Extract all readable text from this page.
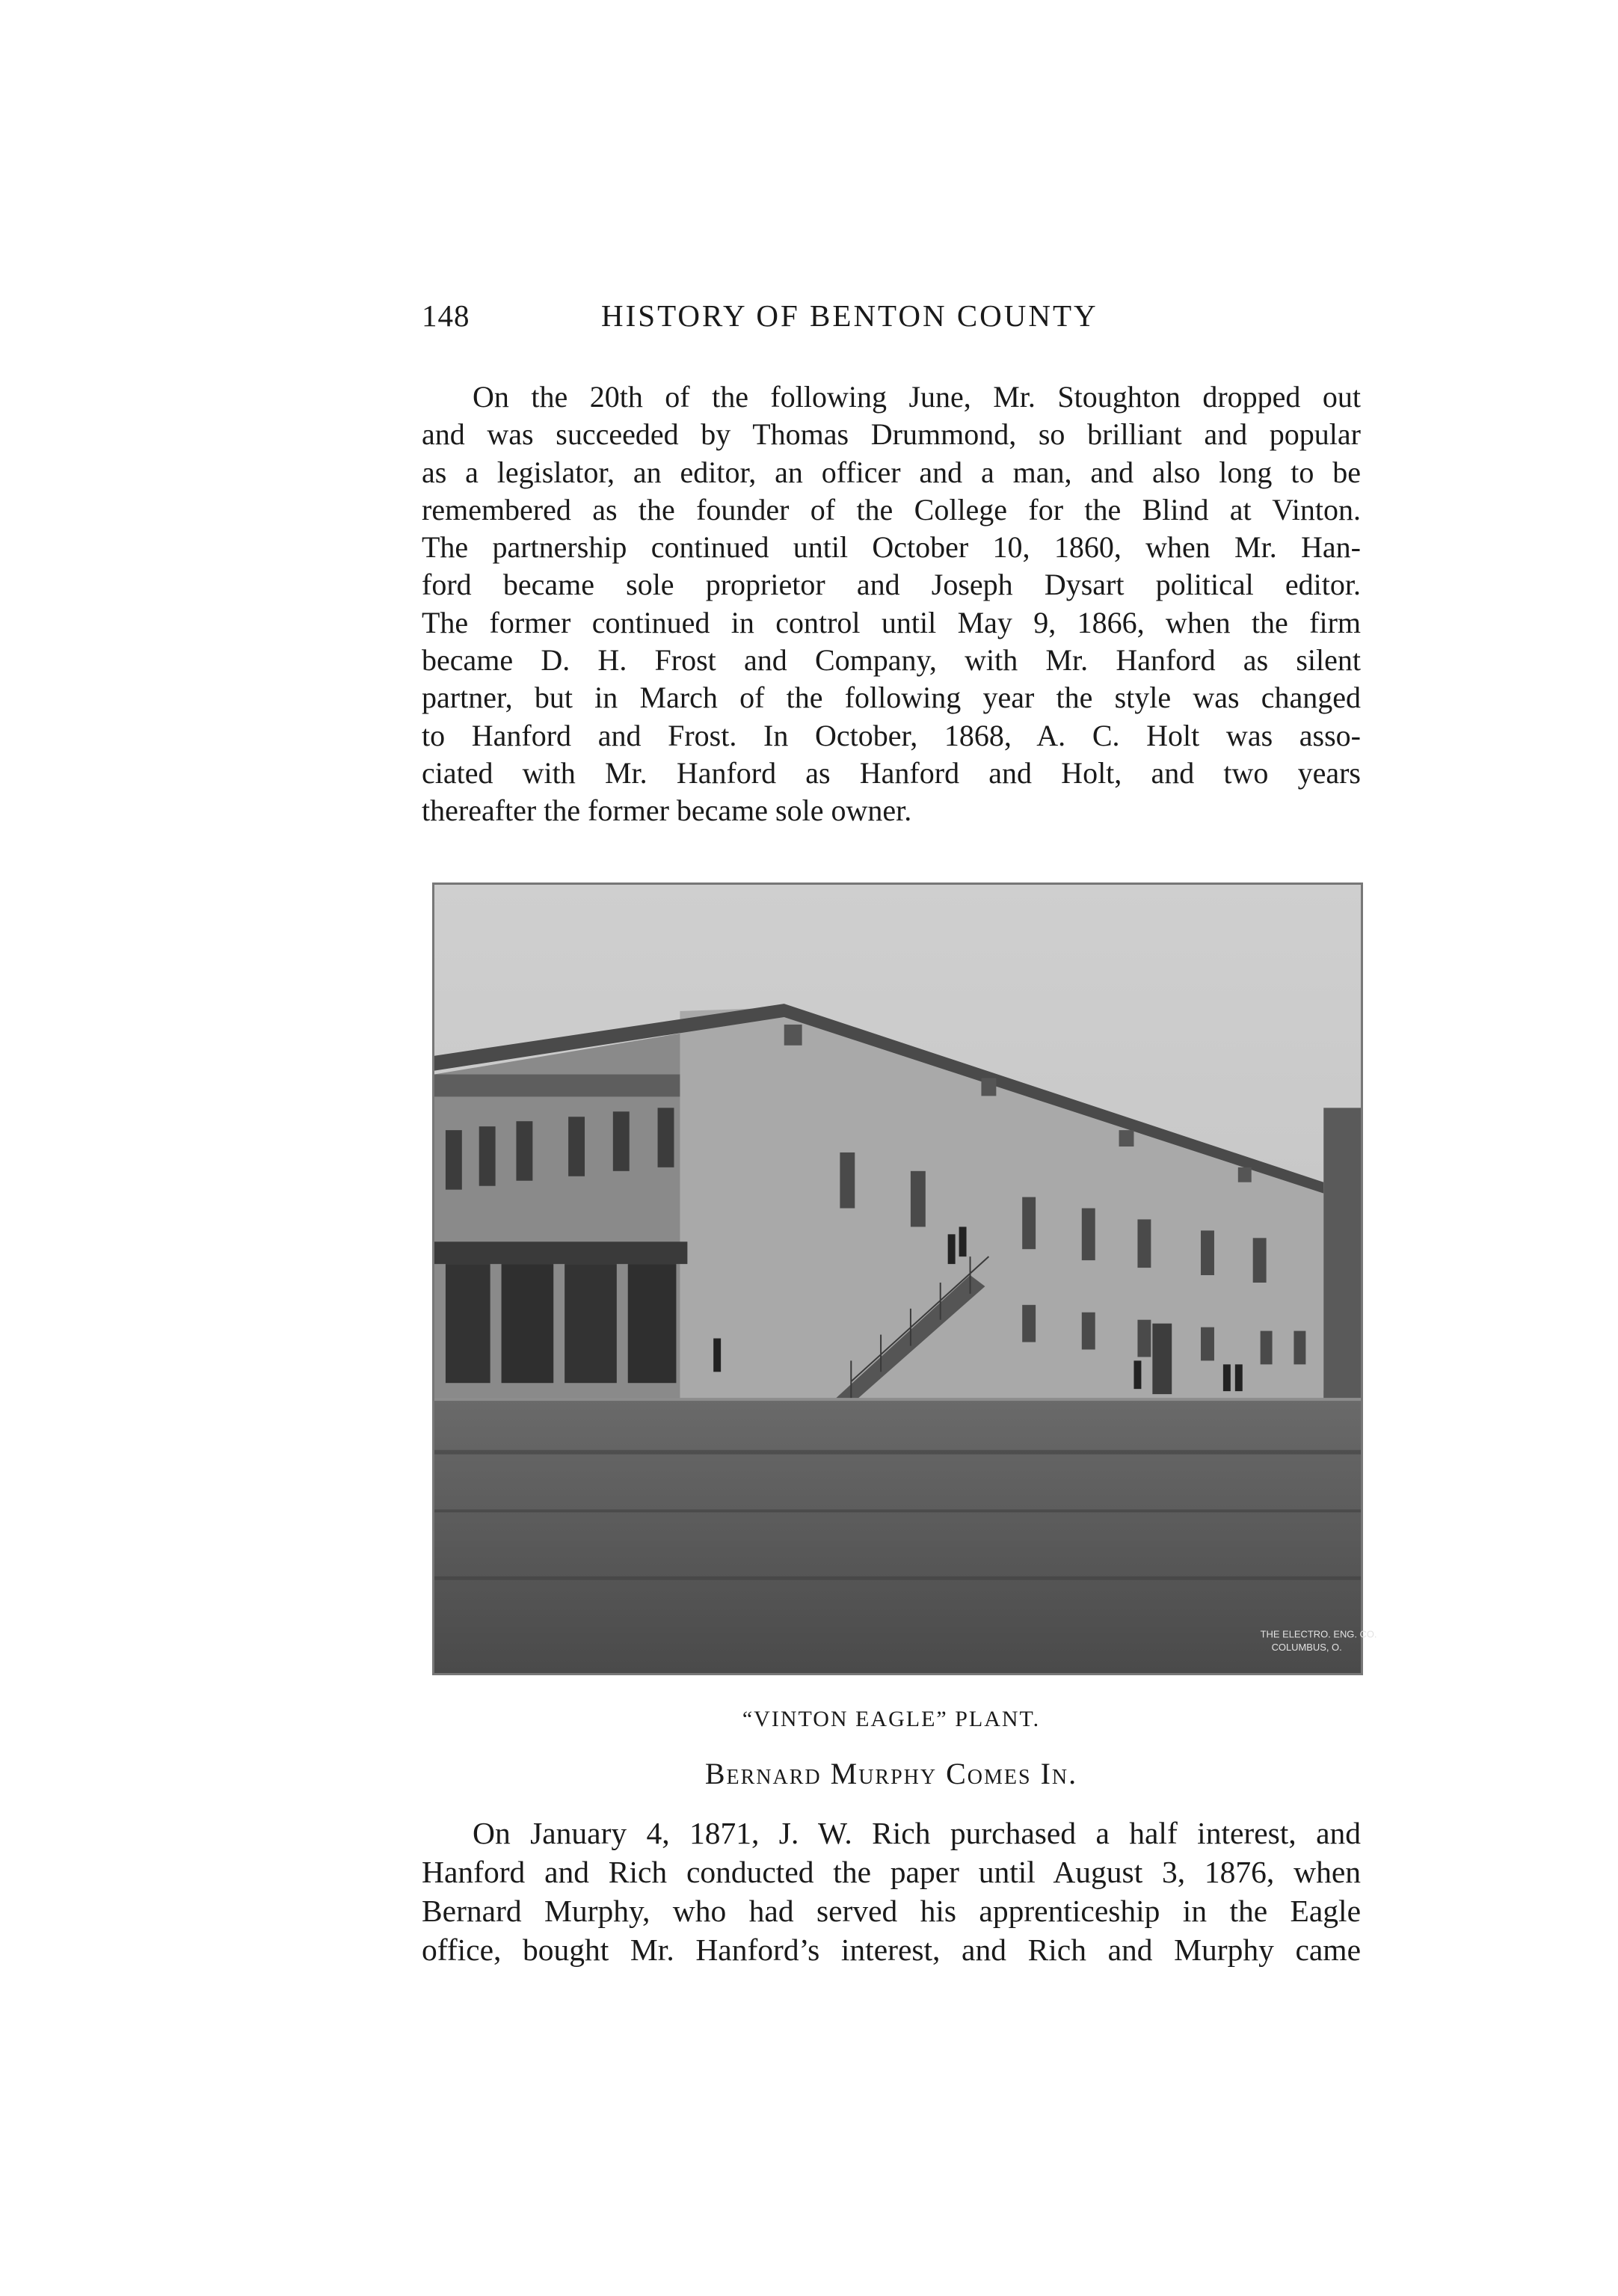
148	HISTORY OF BENTON COUNTY

On the 20th of the following June, Mr. Stoughton dropped out
and was succeeded by Thomas Drummond, so brilliant and popular
as a legislator, an editor, an officer and a man, and also long to be
remembered as the founder of the College for the Blind at Vinton.
The partnership continued until October 10, 1860, when Mr. Han-
ford became sole proprietor and Joseph Dysart political editor.
The former continued in control until May 9, 1866, when the firm
became D. H. Frost and Company, with Mr. Hanford as silent
partner, but in March of the following year the style was changed
to Hanford and Frost. In October, 1868, A. C. Holt was asso-
ciated with Mr. Hanford as Hanford and Holt, and two years
thereafter the former became sole owner.

THE ELECTRO. ENG. CO.
COLUMBUS, O.

“VINTON EAGLE” PLANT.

Bernard Murphy Comes In.

On January 4, 1871, J. W. Rich purchased a half interest, and
Hanford and Rich conducted the paper until August 3, 1876, when
Bernard Murphy, who had served his apprenticeship in the Eagle
office, bought Mr. Hanford’s interest, and Rich and Murphy came
